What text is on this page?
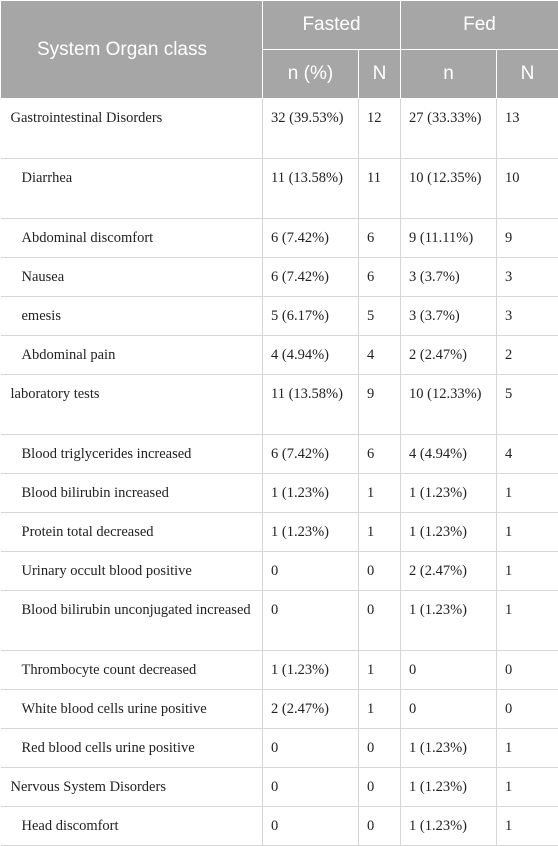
System Organ class	Fasted		Fed	
	n (%)	N	n	N
Gastrointestinal Disorders	32 (39.53%)	12	27 (33.33%)	13
Diarrhea	11 (13.58%)	11	10 (12.35%)	10
Abdominal discomfort	6 (7.42%)	6	9 (11.11%)	9
Nausea	6 (7.42%)	6	3 (3.7%)	3
emesis	5 (6.17%)	5	3 (3.7%)	3
Abdominal pain	4 (4.94%)	4	2 (2.47%)	2
laboratory tests	11 (13.58%)	9	10 (12.33%)	5
Blood triglycerides increased	6 (7.42%)	6	4 (4.94%)	4
Blood bilirubin increased	1 (1.23%)	1	1 (1.23%)	1
Protein total decreased	1 (1.23%)	1	1 (1.23%)	1
Urinary occult blood positive	0	0	2 (2.47%)	1
Blood bilirubin unconjugated increased	0	0	1 (1.23%)	1
Thrombocyte count decreased	1 (1.23%)	1	0	0
White blood cells urine positive	2 (2.47%)	1	0	0
Red blood cells urine positive	0	0	1 (1.23%)	1
Nervous System Disorders	0	0	1 (1.23%)	1
Head discomfort	0	0	1 (1.23%)	1
